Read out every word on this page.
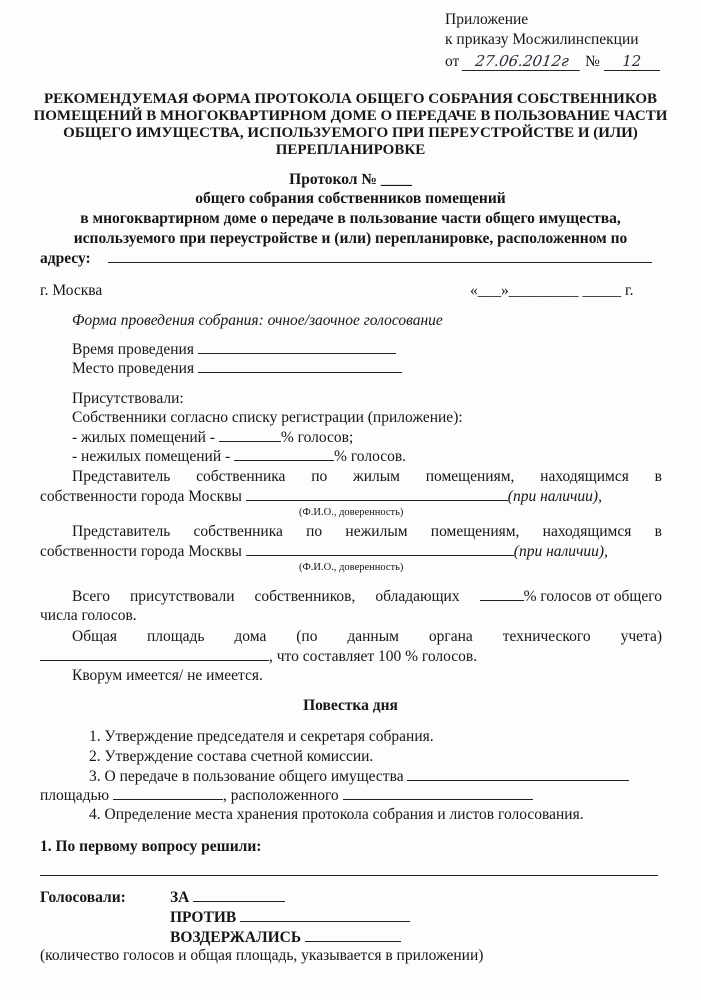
Приложение
к приказу Мосжилинспекции
от 27.06.2012г № 12
РЕКОМЕНДУЕМАЯ ФОРМА ПРОТОКОЛА ОБЩЕГО СОБРАНИЯ СОБСТВЕННИКОВ
ПОМЕЩЕНИЙ В МНОГОКВАРТИРНОМ ДОМЕ О ПЕРЕДАЧЕ В ПОЛЬЗОВАНИЕ ЧАСТИ
ОБЩЕГО ИМУЩЕСТВА, ИСПОЛЬЗУЕМОГО ПРИ ПЕРЕУСТРОЙСТВЕ И (ИЛИ)
ПЕРЕПЛАНИРОВКЕ
Протокол № ____
общего собрания собственников помещений
в многоквартирном доме о передаче в пользование части общего имущества,
используемого при переустройстве и (или) перепланировке, расположенном по
адресу:
г. Москва	«___»_________ _____ г.
Форма проведения собрания: очное/заочное голосование
Время проведения
Место проведения
Присутствовали:
Собственники согласно списку регистрации (приложение):
- жилых помещений -	% голосов;
- нежилых помещений -	% голосов.
Представитель собственника по жилым помещениям, находящимся в
собственности города Москвы	(при наличии),
(Ф.И.О., доверенность)
Представитель собственника по нежилым помещениям, находящимся в
собственности города Москвы	(при наличии),
(Ф.И.О., доверенность)
Всего присутствовали собственников, обладающих	% голосов от общего
числа голосов.
Общая площадь дома (по данным органа технического учета)
, что составляет 100 % голосов.
Кворум имеется/ не имеется.
Повестка дня
1. Утверждение председателя и секретаря собрания.
2. Утверждение состава счетной комиссии.
3. О передаче в пользование общего имущества
площадью	, расположенного
4. Определение места хранения протокола собрания и листов голосования.
1. По первому вопросу решили:
Голосовали:	ЗА
ПРОТИВ
ВОЗДЕРЖАЛИСЬ
(количество голосов и общая площадь, указывается в приложении)
